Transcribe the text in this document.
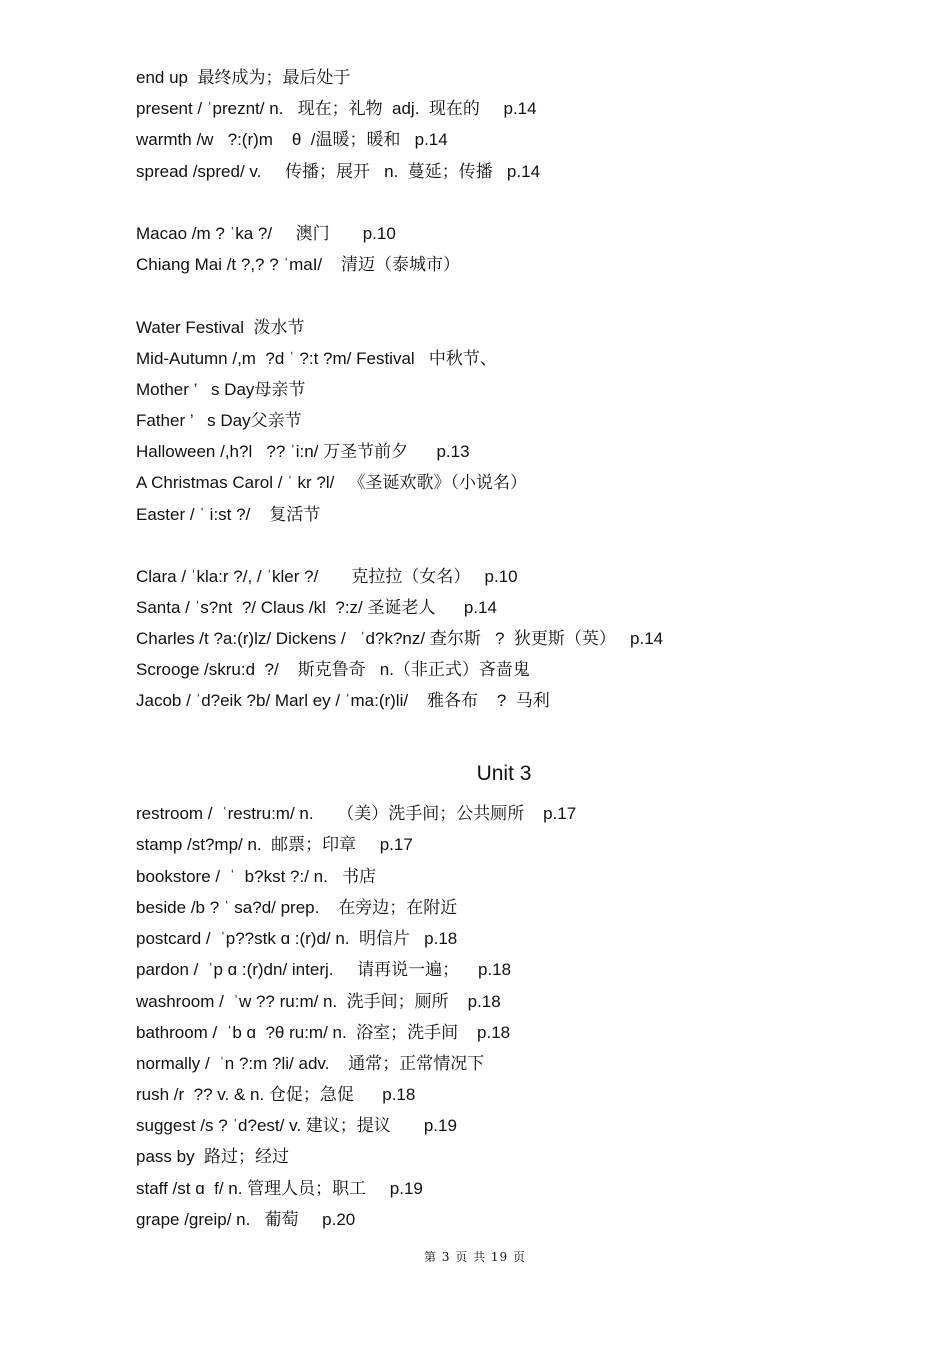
end up  最终成为；最后处于
present / ˈpreznt/ n.   现在；礼物  adj.  现在的     p.14
warmth /w   ?:(r)m    θ  /温暖；暖和   p.14
spread /spred/ v.     传播；展开   n.  蔓延；传播   p.14
Macao /m ? ˈka ?/     澳门       p.10
Chiang Mai /t ?,? ? ˈmaI/    清迈（泰城市）
Water Festival  泼水节
Mid-Autumn /,m  ?d ˈ ?:t ?m/ Festival   中秋节、
Mother ’   s Day母亲节
Father ’   s Day父亲节
Halloween /,h?l   ?? ˈi:n/ 万圣节前夕      p.13
A Christmas Carol / ˈ kr ?l/   《圣诞欢歌》（小说名）
Easter / ˈ i:st ?/    复活节
Clara / ˈkla:r ?/, / ˈkler ?/       克拉拉（女名）   p.10
Santa / ˈs?nt  ?/ Claus /kl  ?:z/ 圣诞老人      p.14
Charles /t ?a:(r)lz/ Dickens /   ˈd?k?nz/ 查尔斯   ?  狄更斯（英）   p.14
Scrooge /skru:d  ?/    斯克鲁奇   n.（非正式）吝啬鬼
Jacob / ˈd?eik ?b/ Marl ey / ˈma:(r)li/    雅各布    ?  马利
Unit 3
restroom /  ˈrestru:m/ n.     （美）洗手间；公共厕所    p.17
stamp /st?mp/ n.  邮票；印章     p.17
bookstore /  ˈ  b?kst ?:/ n.   书店
beside /b ? ˈ sa?d/ prep.    在旁边；在附近
postcard /  ˈp??stk ɑ :(r)d/ n.  明信片   p.18
pardon /  ˈp ɑ :(r)dn/ interj.     请再说一遍；    p.18
washroom /  ˈw ?? ru:m/ n.  洗手间；厕所    p.18
bathroom /  ˈb ɑ  ?θ ru:m/ n.  浴室；洗手间    p.18
normally /  ˈn ?:m ?li/ adv.    通常；正常情况下
rush /r  ?? v. & n. 仓促；急促      p.18
suggest /s ? ˈd?est/ v. 建议；提议       p.19
pass by  路过；经过
staff /st ɑ  f/ n. 管理人员；职工     p.19
grape /greip/ n.   葡萄     p.20
第 3 页 共 19 页
